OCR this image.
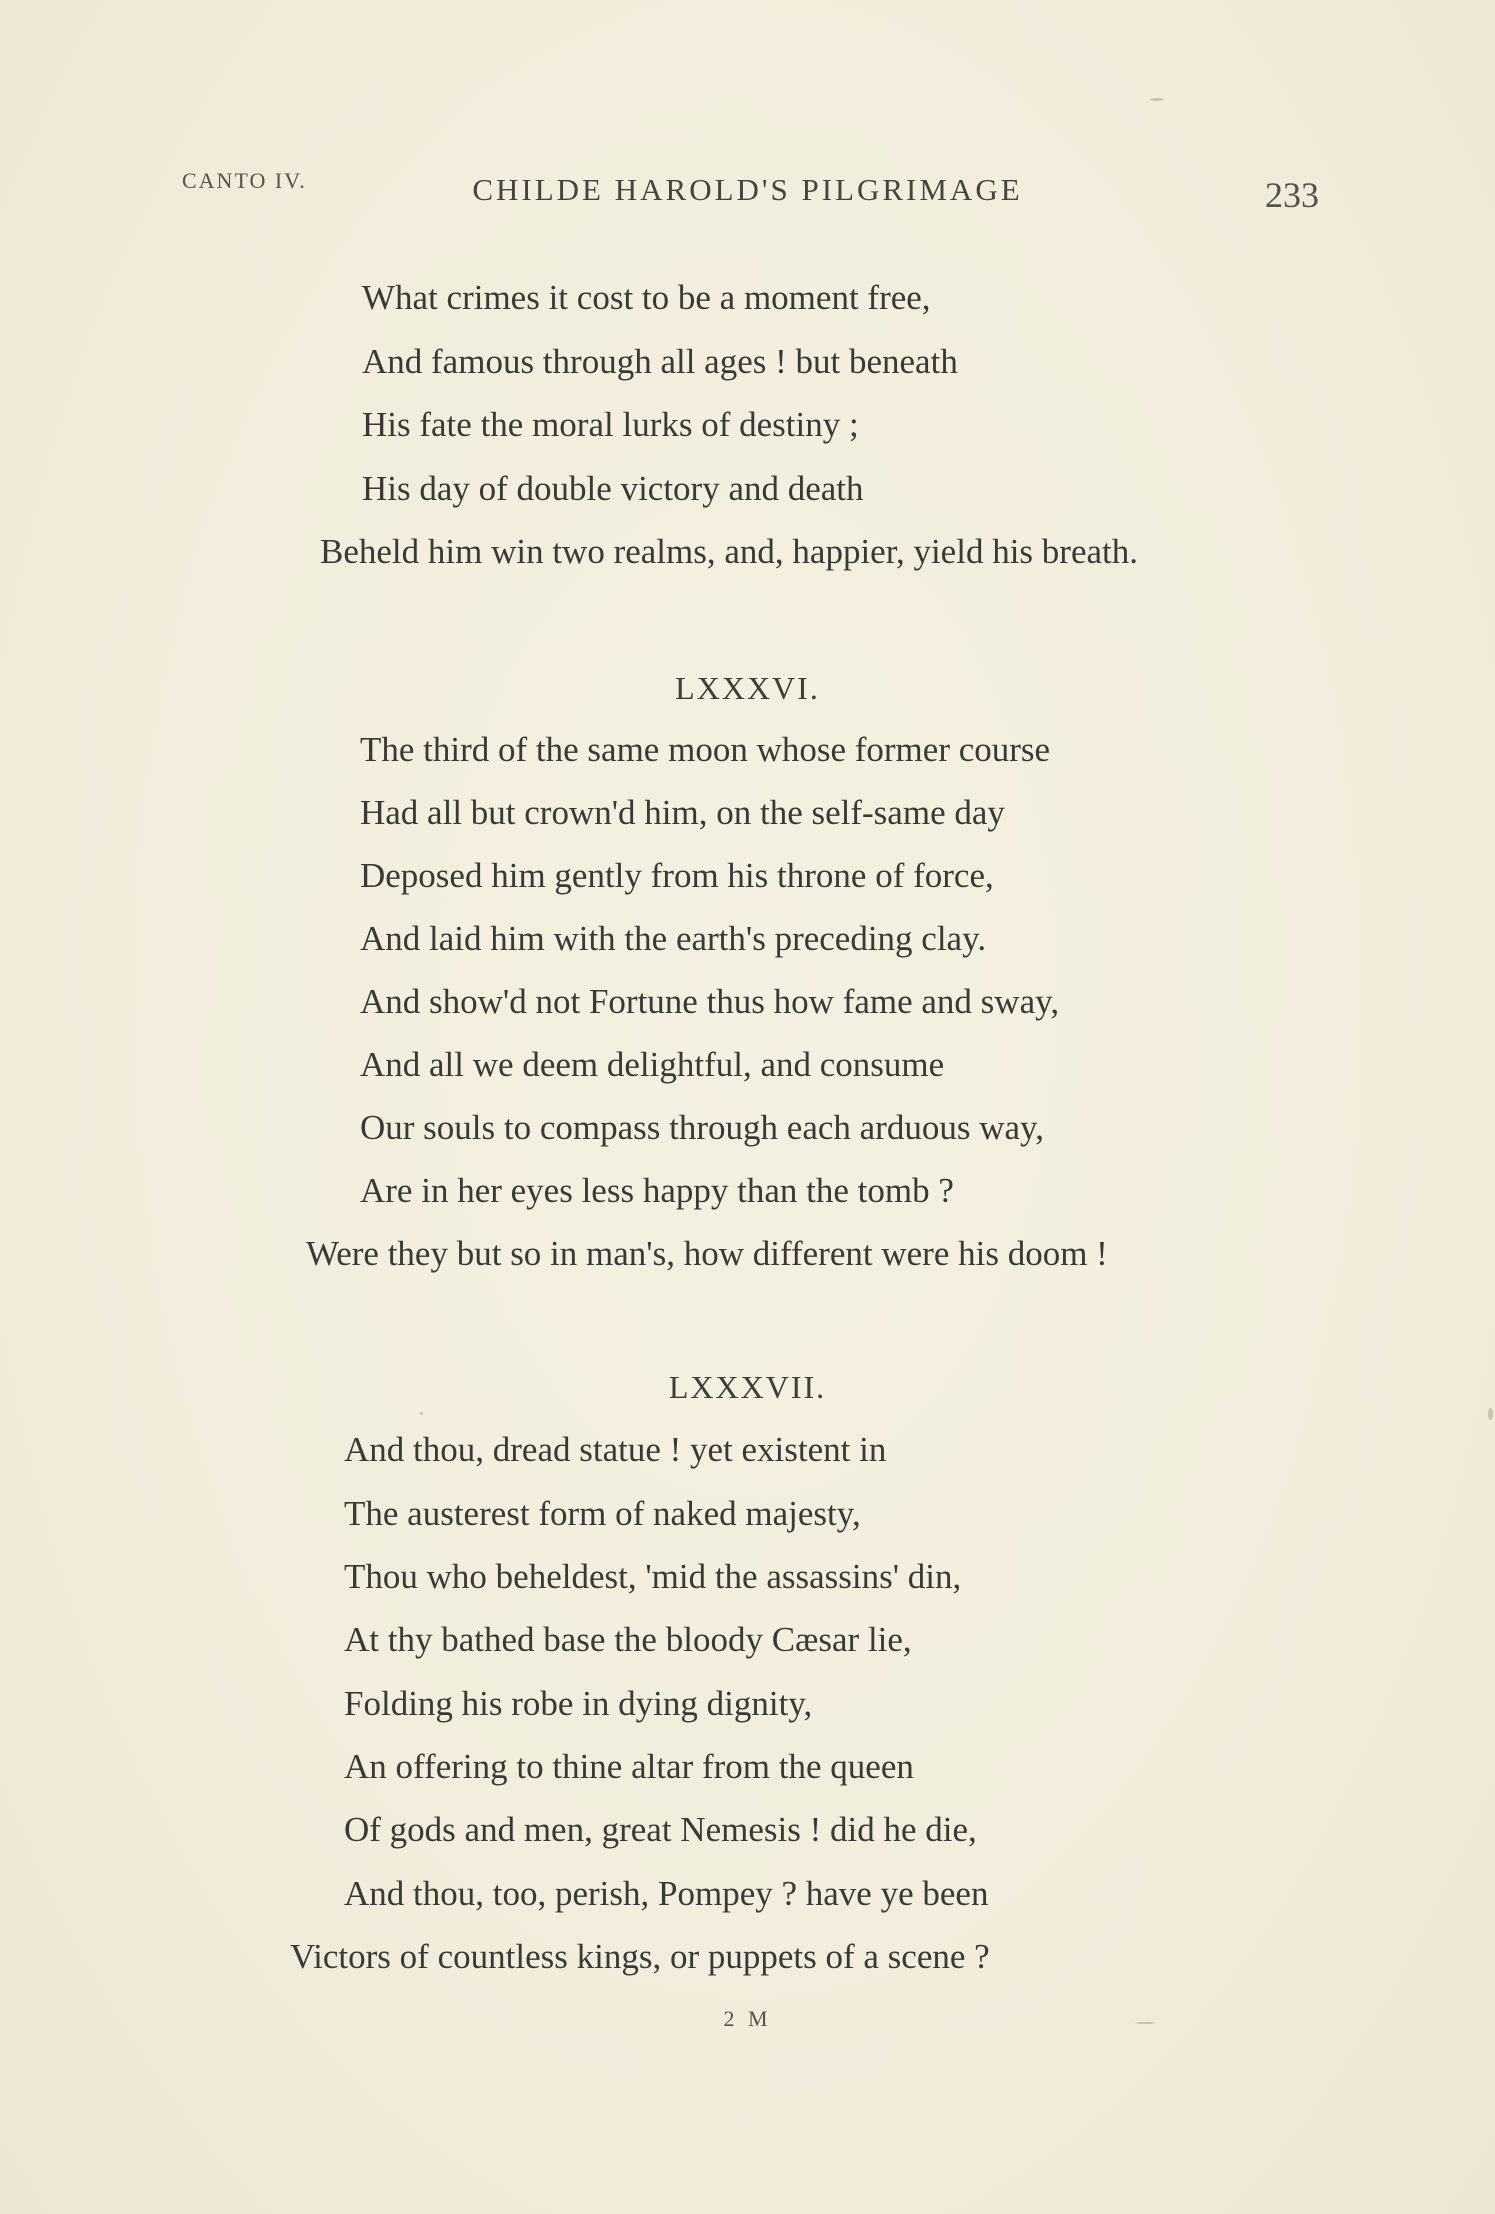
CANTO IV.	CHILDE HAROLD'S PILGRIMAGE	233
What crimes it cost to be a moment free,
And famous through all ages ! but beneath
His fate the moral lurks of destiny ;
His day of double victory and death
Beheld him win two realms, and, happier, yield his breath.
LXXXVI.
The third of the same moon whose former course
Had all but crown'd him, on the self-same day
Deposed him gently from his throne of force,
And laid him with the earth's preceding clay.
And show'd not Fortune thus how fame and sway,
And all we deem delightful, and consume
Our souls to compass through each arduous way,
Are in her eyes less happy than the tomb ?
Were they but so in man's, how different were his doom !
LXXXVII.
And thou, dread statue ! yet existent in
The austerest form of naked majesty,
Thou who beheldest, 'mid the assassins' din,
At thy bathed base the bloody Cæsar lie,
Folding his robe in dying dignity,
An offering to thine altar from the queen
Of gods and men, great Nemesis ! did he die,
And thou, too, perish, Pompey ? have ye been
Victors of countless kings, or puppets of a scene ?
2 M
